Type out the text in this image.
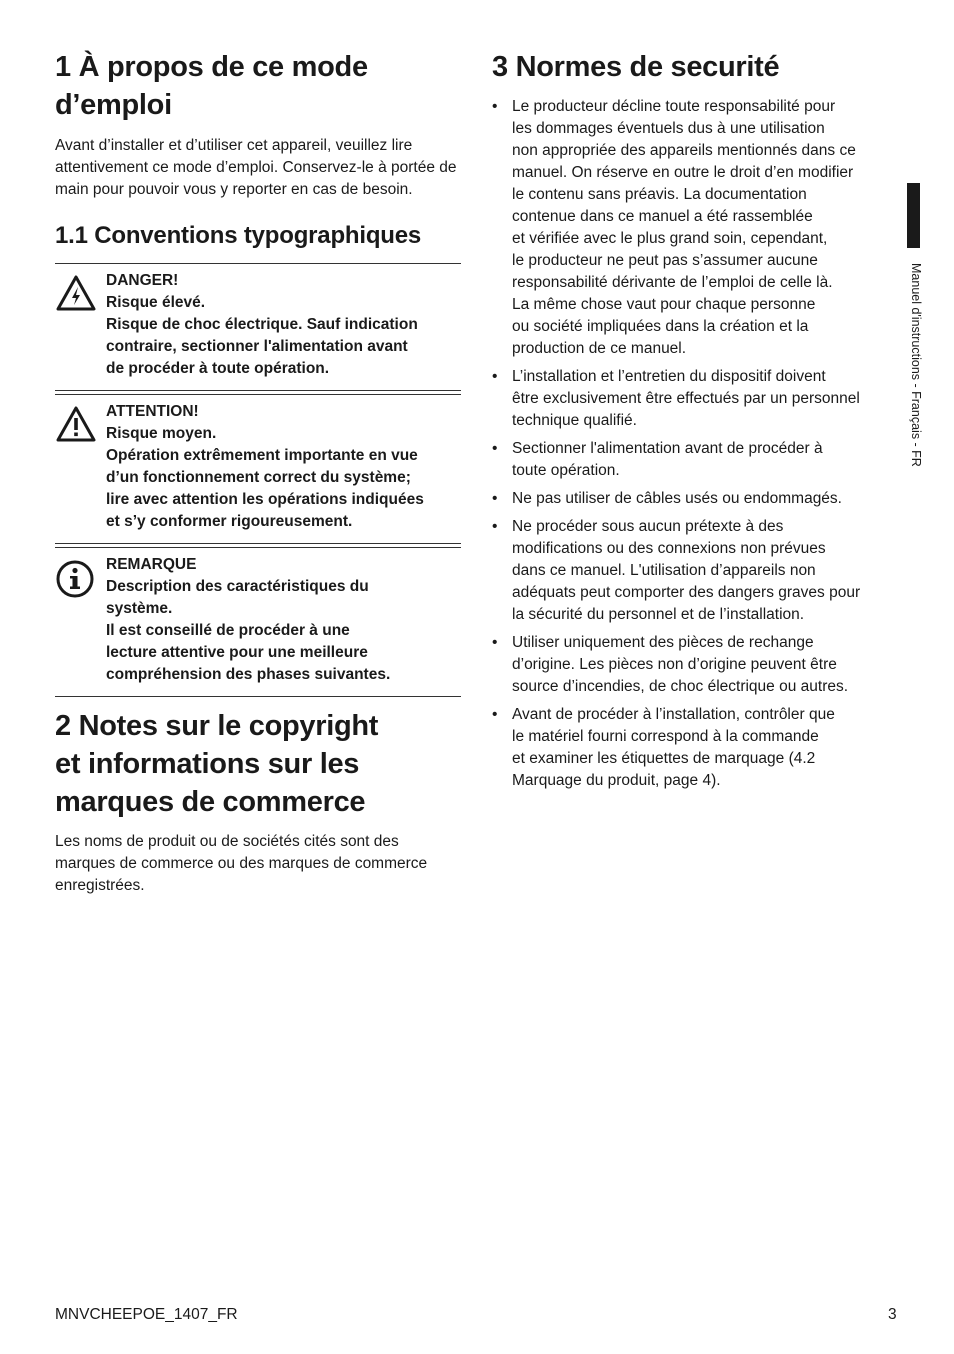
1 À propos de ce mode
d’emploi

Avant d’installer et d’utiliser cet appareil, veuillez lire attentivement ce mode d’emploi. Conservez-le à portée de main pour pouvoir vous y reporter en cas de besoin.

1.1 Conventions typographiques
DANGER!
Risque élevé.
Risque de choc électrique. Sauf indication
contraire, sectionner l'alimentation avant
de procéder à toute opération.
ATTENTION!
Risque moyen.
Opération extrêmement importante en vue
d’un fonctionnement correct du système;
lire avec attention les opérations indiquées
et s’y conformer rigoureusement.
REMARQUE
Description des caractéristiques du
système.
Il est conseillé de procéder à une
lecture attentive pour une meilleure
compréhension des phases suivantes.
2 Notes sur le copyright
et informations sur les
marques de commerce

Les noms de produit ou de sociétés cités sont des marques de commerce ou des marques de commerce enregistrées.

3 Normes de securité
• Le producteur décline toute responsabilité pour
les dommages éventuels dus à une utilisation
non appropriée des appareils mentionnés dans ce
manuel. On réserve en outre le droit d’en modifier
le contenu sans préavis. La documentation
contenue dans ce manuel a été rassemblée
et vérifiée avec le plus grand soin, cependant,
le producteur ne peut pas s’assumer aucune
responsabilité dérivante de l’emploi de celle là.
La même chose vaut pour chaque personne
ou société impliquées dans la création et la
production de ce manuel.
• L’installation et l’entretien du dispositif doivent
être exclusivement être effectués par un personnel
technique qualifié.
• Sectionner l'alimentation avant de procéder à
toute opération.
• Ne pas utiliser de câbles usés ou endommagés.
• Ne procéder sous aucun prétexte à des
modifications ou des connexions non prévues
dans ce manuel. L'utilisation d’appareils non
adéquats peut comporter des dangers graves pour
la sécurité du personnel et de l’installation.
• Utiliser uniquement des pièces de rechange
d’origine. Les pièces non d’origine peuvent être
source d’incendies, de choc électrique ou autres.
• Avant de procéder à l’installation, contrôler que
le matériel fourni correspond à la commande
et examiner les étiquettes de marquage (4.2
Marquage du produit, page 4).
Manuel d'instructions - Français - FR
MNVCHEEPOE_1407_FR	3
